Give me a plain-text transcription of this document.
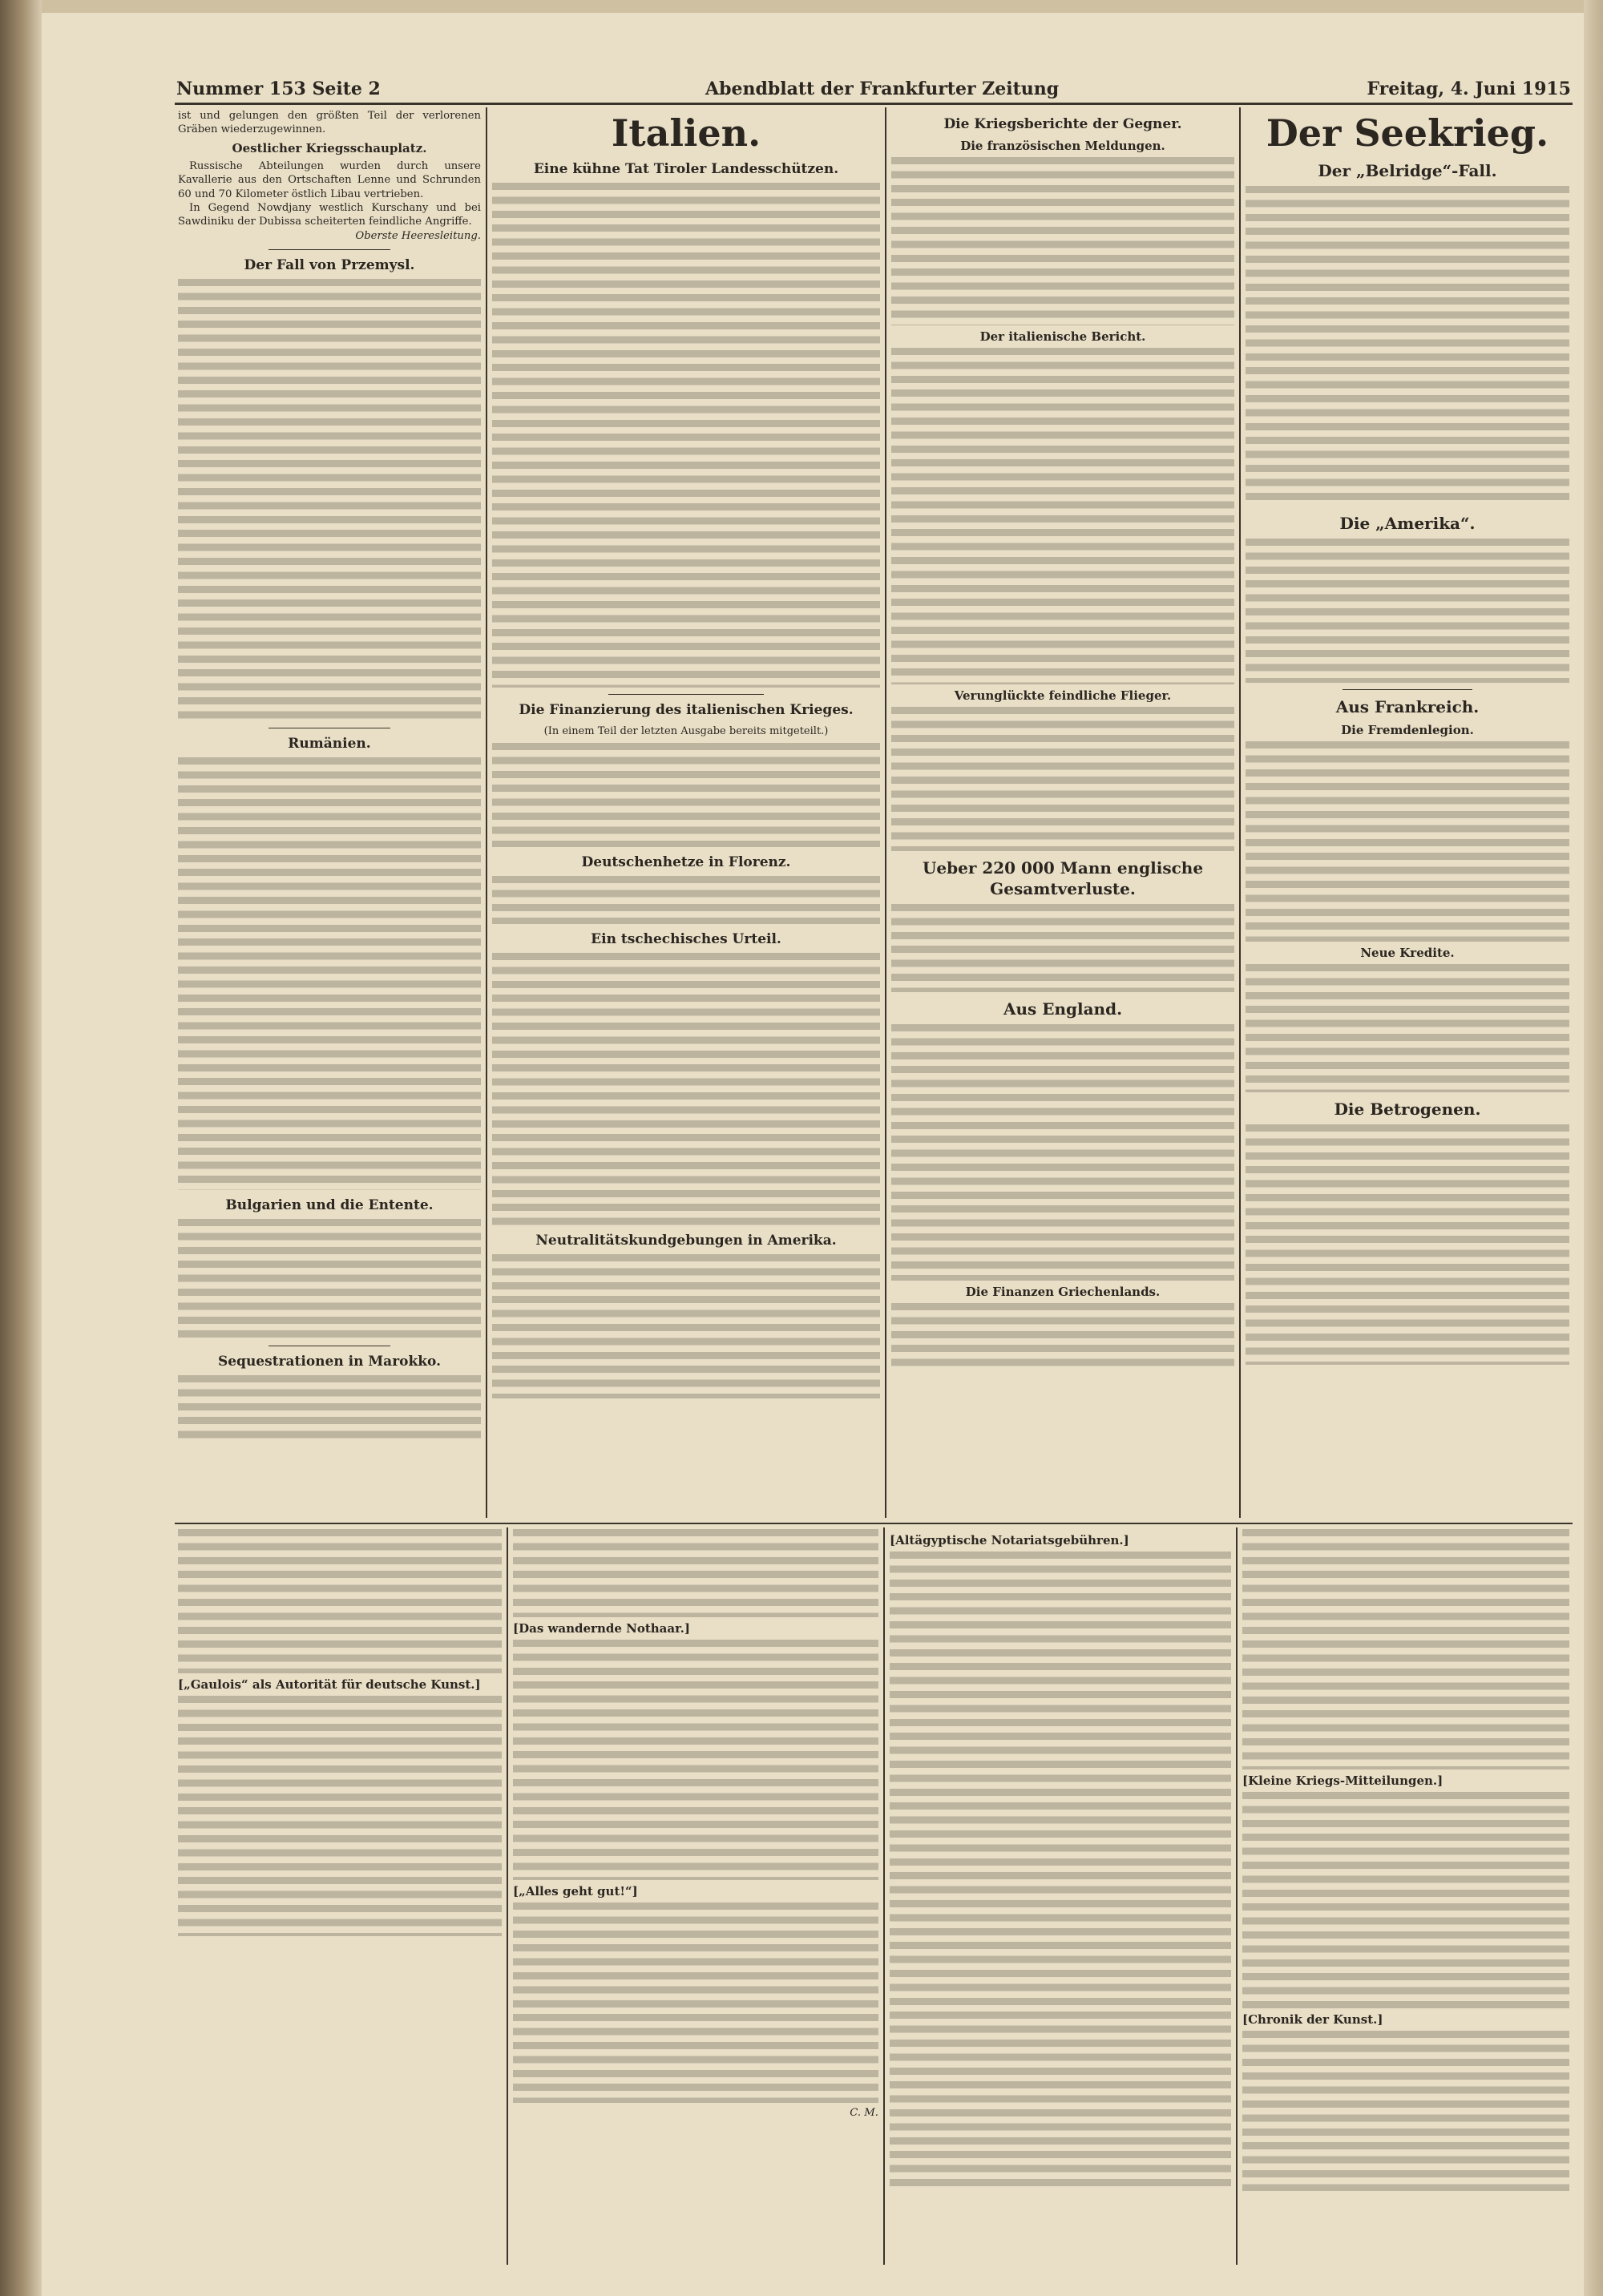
Nummer 153 Seite 2	Abendblatt der Frankfurter Zeitung	Freitag, 4. Juni 1915

ist und gelungen den größten Teil der verlorenen Gräben wiederzugewinnen.

Oestlicher Kriegsschauplatz.

Russische Abteilungen wurden durch unsere Kavallerie aus den Ortschaften Lenne und Schrunden 60 und 70 Kilometer östlich Libau vertrieben.

In Gegend Nowdjany westlich Kurschany und bei Sawdiniku der Dubissa scheiterten feindliche Angriffe.

Oberste Heeresleitung.

Der Fall von Przemysl.
Rumänien.
Bulgarien und die Entente.
Sequestrationen in Marokko.
Italien.
Eine kühne Tat Tiroler Landesschützen.
Die Finanzierung des italienischen Krieges.
(In einem Teil der letzten Ausgabe bereits mitgeteilt.)
Deutschenhetze in Florenz.
Ein tschechisches Urteil.
Neutralitätskundgebungen in Amerika.
Die Kriegsberichte der Gegner.
Die französischen Meldungen.
Der italienische Bericht.
Verunglückte feindliche Flieger.
Ueber 220 000 Mann englische Gesamtverluste.
Aus England.
Die Finanzen Griechenlands.
Der Seekrieg.
Der „Belridge“-Fall.
Die „Amerika“.
Aus Frankreich.
Die Fremdenlegion.
Neue Kredite.
Die Betrogenen.
[„Gaulois“ als Autorität für deutsche Kunst.]
[Das wandernde Nothaar.]
[„Alles geht gut!“]

C. M.

[Altägyptische Notariatsgebühren.]
[Kleine Kriegs-Mitteilungen.]
[Chronik der Kunst.]
